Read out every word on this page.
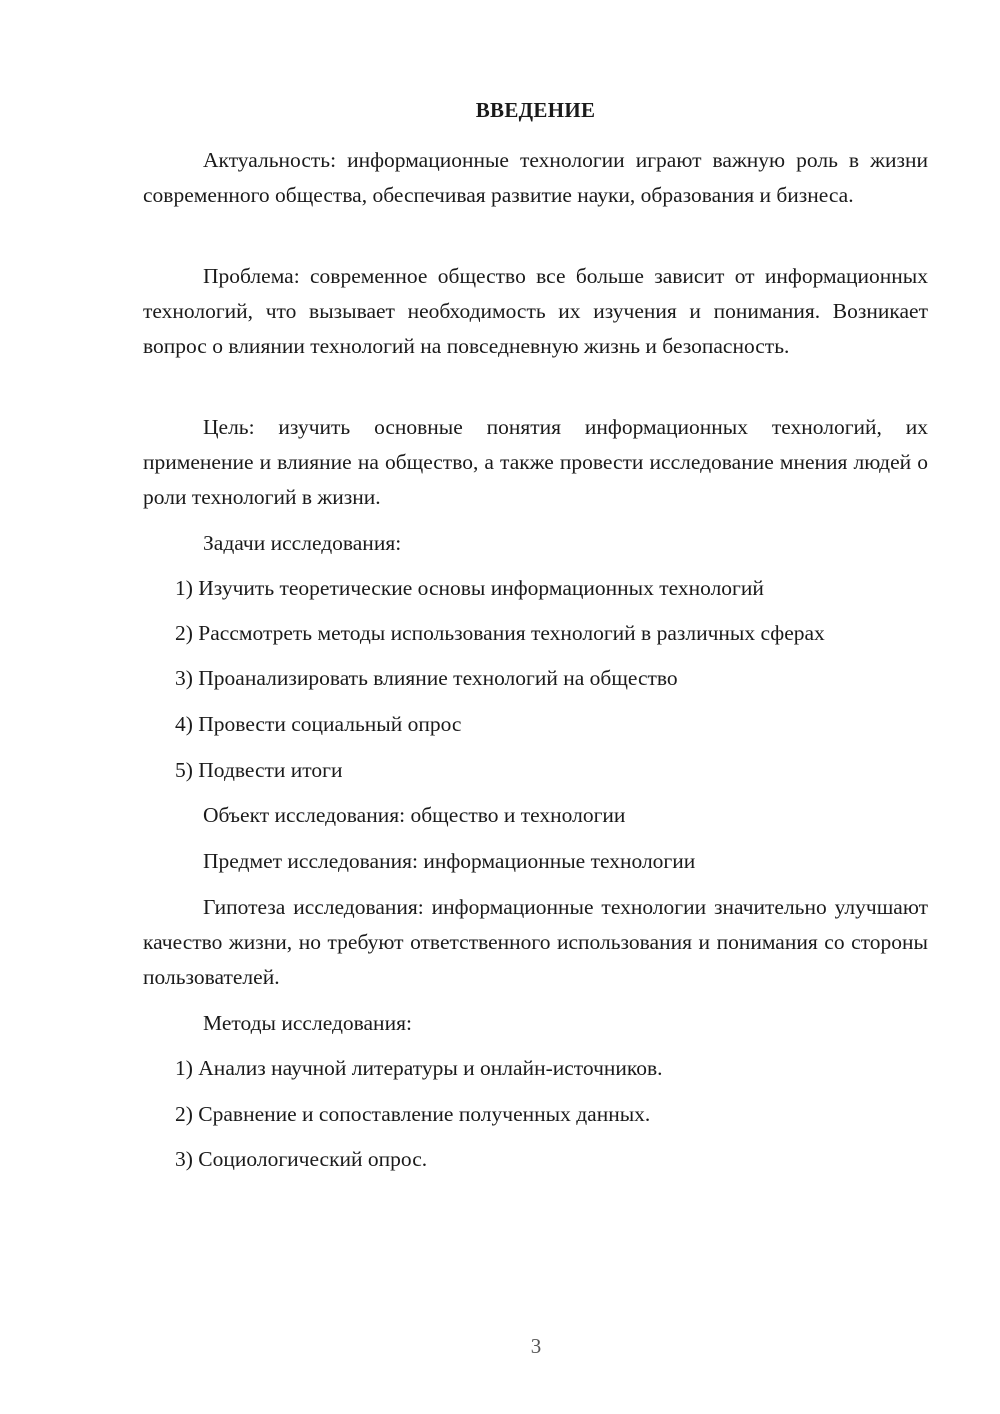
ВВЕДЕНИЕ

Актуальность: информационные технологии играют важную роль в жизни современного общества, обеспечивая развитие науки, образования и бизнеса.

Проблема: современное общество все больше зависит от информационных технологий, что вызывает необходимость их изучения и понимания. Возникает вопрос о влиянии технологий на повседневную жизнь и безопасность.

Цель: изучить основные понятия информационных технологий, их применение и влияние на общество, а также провести исследование мнения людей о роли технологий в жизни.

Задачи исследования:

1) Изучить теоретические основы информационных технологий

2) Рассмотреть методы использования технологий в различных сферах

3) Проанализировать влияние технологий на общество

4) Провести социальный опрос

5) Подвести итоги

Объект исследования: общество и технологии

Предмет исследования: информационные технологии

Гипотеза исследования: информационные технологии значительно улучшают качество жизни, но требуют ответственного использования и понимания со стороны пользователей.

Методы исследования:

1) Анализ научной литературы и онлайн-источников.

2) Сравнение и сопоставление полученных данных.

3) Социологический опрос.

3
